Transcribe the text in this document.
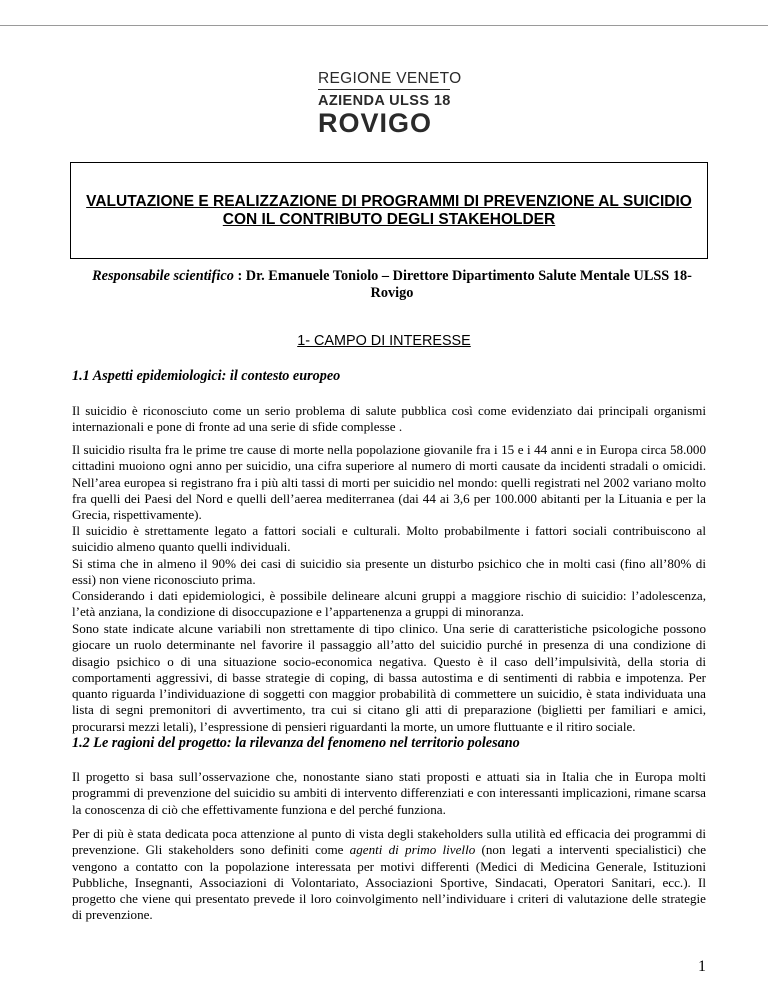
REGIONE VENETO
AZIENDA ULSS 18
ROVIGO
VALUTAZIONE E REALIZZAZIONE DI PROGRAMMI DI PREVENZIONE AL SUICIDIO CON IL CONTRIBUTO DEGLI STAKEHOLDER
Responsabile scientifico : Dr. Emanuele Toniolo – Direttore Dipartimento Salute Mentale ULSS 18- Rovigo
1- CAMPO DI INTERESSE
1.1 Aspetti epidemiologici: il contesto europeo
Il suicidio è riconosciuto come un serio problema di salute pubblica così come evidenziato dai principali organismi internazionali e pone di fronte ad una serie di sfide complesse .
Il suicidio risulta fra le prime tre cause di morte nella popolazione giovanile fra i 15 e i 44 anni e in Europa circa 58.000 cittadini muoiono ogni anno per suicidio, una cifra superiore al numero di morti causate da incidenti stradali o omicidi. Nell’area europea si registrano fra i più alti tassi di morti per suicidio nel mondo: quelli registrati nel 2002 variano molto fra quelli dei Paesi del Nord e quelli dell’aerea mediterranea (dai 44 ai 3,6 per 100.000 abitanti per la Lituania e per la Grecia, rispettivamente).
Il suicidio è strettamente legato a fattori sociali e culturali. Molto probabilmente i fattori sociali contribuiscono al suicidio almeno quanto quelli individuali.
Si stima che in almeno il 90% dei casi di suicidio sia presente un disturbo psichico che in molti casi (fino all’80% di essi) non viene riconosciuto prima.
Considerando i dati epidemiologici, è possibile delineare alcuni gruppi a maggiore rischio di suicidio: l’adolescenza, l’età anziana, la condizione di disoccupazione e l’appartenenza a gruppi di minoranza.
Sono state indicate alcune variabili non strettamente di tipo clinico. Una serie di caratteristiche psicologiche possono giocare un ruolo determinante nel favorire il passaggio all’atto del suicidio purché in presenza di una condizione di disagio psichico o di una situazione socio-economica negativa. Questo è il caso dell’impulsività, della storia di comportamenti aggressivi, di basse strategie di coping, di bassa autostima e di sentimenti di rabbia e impotenza. Per quanto riguarda l’individuazione di soggetti con maggior probabilità di commettere un suicidio, è stata individuata una lista di segni premonitori di avvertimento, tra cui si citano gli atti di preparazione (biglietti per familiari e amici, procurarsi mezzi letali), l’espressione di pensieri riguardanti la morte, un umore fluttuante e il ritiro sociale.
1.2 Le ragioni del progetto: la rilevanza del fenomeno nel territorio polesano
Il progetto si basa sull’osservazione che, nonostante siano stati proposti e attuati sia in Italia che in Europa molti programmi di prevenzione del suicidio su ambiti di intervento differenziati e con interessanti implicazioni, rimane scarsa la conoscenza di ciò che effettivamente funziona e del perché funziona.
Per di più è stata dedicata poca attenzione al punto di vista degli stakeholders sulla utilità ed efficacia dei programmi di prevenzione. Gli stakeholders sono definiti come agenti di primo livello (non legati a interventi specialistici) che vengono a contatto con la popolazione interessata per motivi differenti (Medici di Medicina Generale, Istituzioni Pubbliche, Insegnanti, Associazioni di Volontariato, Associazioni Sportive, Sindacati, Operatori Sanitari, ecc.). Il progetto che viene qui presentato prevede il loro coinvolgimento nell’individuare i criteri di valutazione delle strategie di prevenzione.
1
